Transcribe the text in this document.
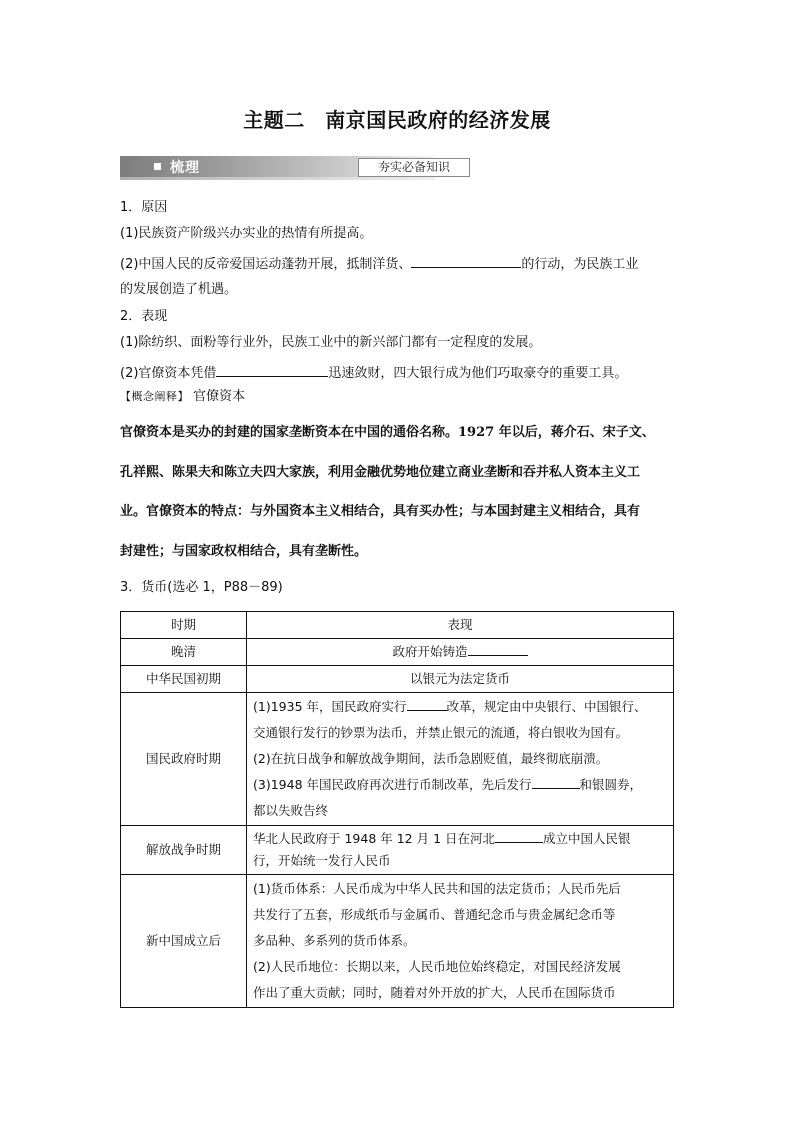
主题二　南京国民政府的经济发展
梳理	夯实必备知识
1．原因
(1)民族资产阶级兴办实业的热情有所提高。
(2)中国人民的反帝爱国运动蓬勃开展，抵制洋货、	的行动，为民族工业
的发展创造了机遇。
2．表现
(1)除纺织、面粉等行业外，民族工业中的新兴部门都有一定程度的发展。
(2)官僚资本凭借	迅速敛财，四大银行成为他们巧取豪夺的重要工具。
【概念阐释】 官僚资本
官僚资本是买办的封建的国家垄断资本在中国的通俗名称。1927 年以后，蒋介石、宋子文、
孔祥熙、陈果夫和陈立夫四大家族，利用金融优势地位建立商业垄断和吞并私人资本主义工
业。官僚资本的特点：与外国资本主义相结合，具有买办性；与本国封建主义相结合，具有
封建性；与国家政权相结合，具有垄断性。
3．货币(选必 1，P88－89)
时期	表现
晚清	政府开始铸造
中华民国初期	以银元为法定货币
国民政府时期	(1)1935 年，国民政府实行 改革，规定由中央银行、中国银行、
交通银行发行的钞票为法币，并禁止银元的流通，将白银收为国有。
(2)在抗日战争和解放战争期间，法币急剧贬值，最终彻底崩溃。
(3)1948 年国民政府再次进行币制改革，先后发行 和银圆券，
都以失败告终

解放战争时期	华北人民政府于 1948 年 12 月 1 日在河北 成立中国人民银
行，开始统一发行人民币

新中国成立后	(1)货币体系：人民币成为中华人民共和国的法定货币；人民币先后
共发行了五套，形成纸币与金属币、普通纪念币与贵金属纪念币等
多品种、多系列的货币体系。
(2)人民币地位：长期以来，人民币地位始终稳定，对国民经济发展
作出了重大贡献；同时，随着对外开放的扩大，人民币在国际货币
